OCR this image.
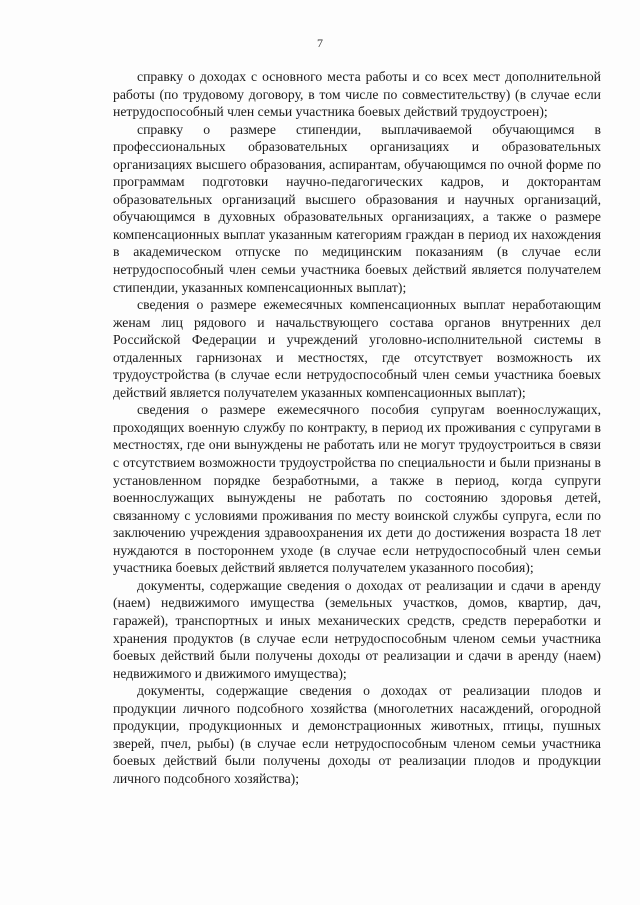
7

справку о доходах с основного места работы и со всех мест дополнительной работы (по трудовому договору, в том числе по совместительству) (в случае если нетрудоспособный член семьи участника боевых действий трудоустроен);

справку о размере стипендии, выплачиваемой обучающимся в профессиональных образовательных организациях и образовательных организациях высшего образования, аспирантам, обучающимся по очной форме по программам подготовки научно-педагогических кадров, и докторантам образовательных организаций высшего образования и научных организаций, обучающимся в духовных образовательных организациях, а также о размере компенсационных выплат указанным категориям граждан в период их нахождения в академическом отпуске по медицинским показаниям (в случае если нетрудоспособный член семьи участника боевых действий является получателем стипендии, указанных компенсационных выплат);

сведения о размере ежемесячных компенсационных выплат неработающим женам лиц рядового и начальствующего состава органов внутренних дел Российской Федерации и учреждений уголовно-исполнительной системы в отдаленных гарнизонах и местностях, где отсутствует возможность их трудоустройства (в случае если нетрудоспособный член семьи участника боевых действий является получателем указанных компенсационных выплат);

сведения о размере ежемесячного пособия супругам военнослужащих, проходящих военную службу по контракту, в период их проживания с супругами в местностях, где они вынуждены не работать или не могут трудоустроиться в связи с отсутствием возможности трудоустройства по специальности и были признаны в установленном порядке безработными, а также в период, когда супруги военнослужащих вынуждены не работать по состоянию здоровья детей, связанному с условиями проживания по месту воинской службы супруга, если по заключению учреждения здравоохранения их дети до достижения возраста 18 лет нуждаются в постороннем уходе (в случае если нетрудоспособный член семьи участника боевых действий является получателем указанного пособия);

документы, содержащие сведения о доходах от реализации и сдачи в аренду (наем) недвижимого имущества (земельных участков, домов, квартир, дач, гаражей), транспортных и иных механических средств, средств переработки и хранения продуктов (в случае если нетрудоспособным членом семьи участника боевых действий были получены доходы от реализации и сдачи в аренду (наем) недвижимого и движимого имущества);

документы, содержащие сведения о доходах от реализации плодов и продукции личного подсобного хозяйства (многолетних насаждений, огородной продукции, продукционных и демонстрационных животных, птицы, пушных зверей, пчел, рыбы) (в случае если нетрудоспособным членом семьи участника боевых действий были получены доходы от реализации плодов и продукции личного подсобного хозяйства);
